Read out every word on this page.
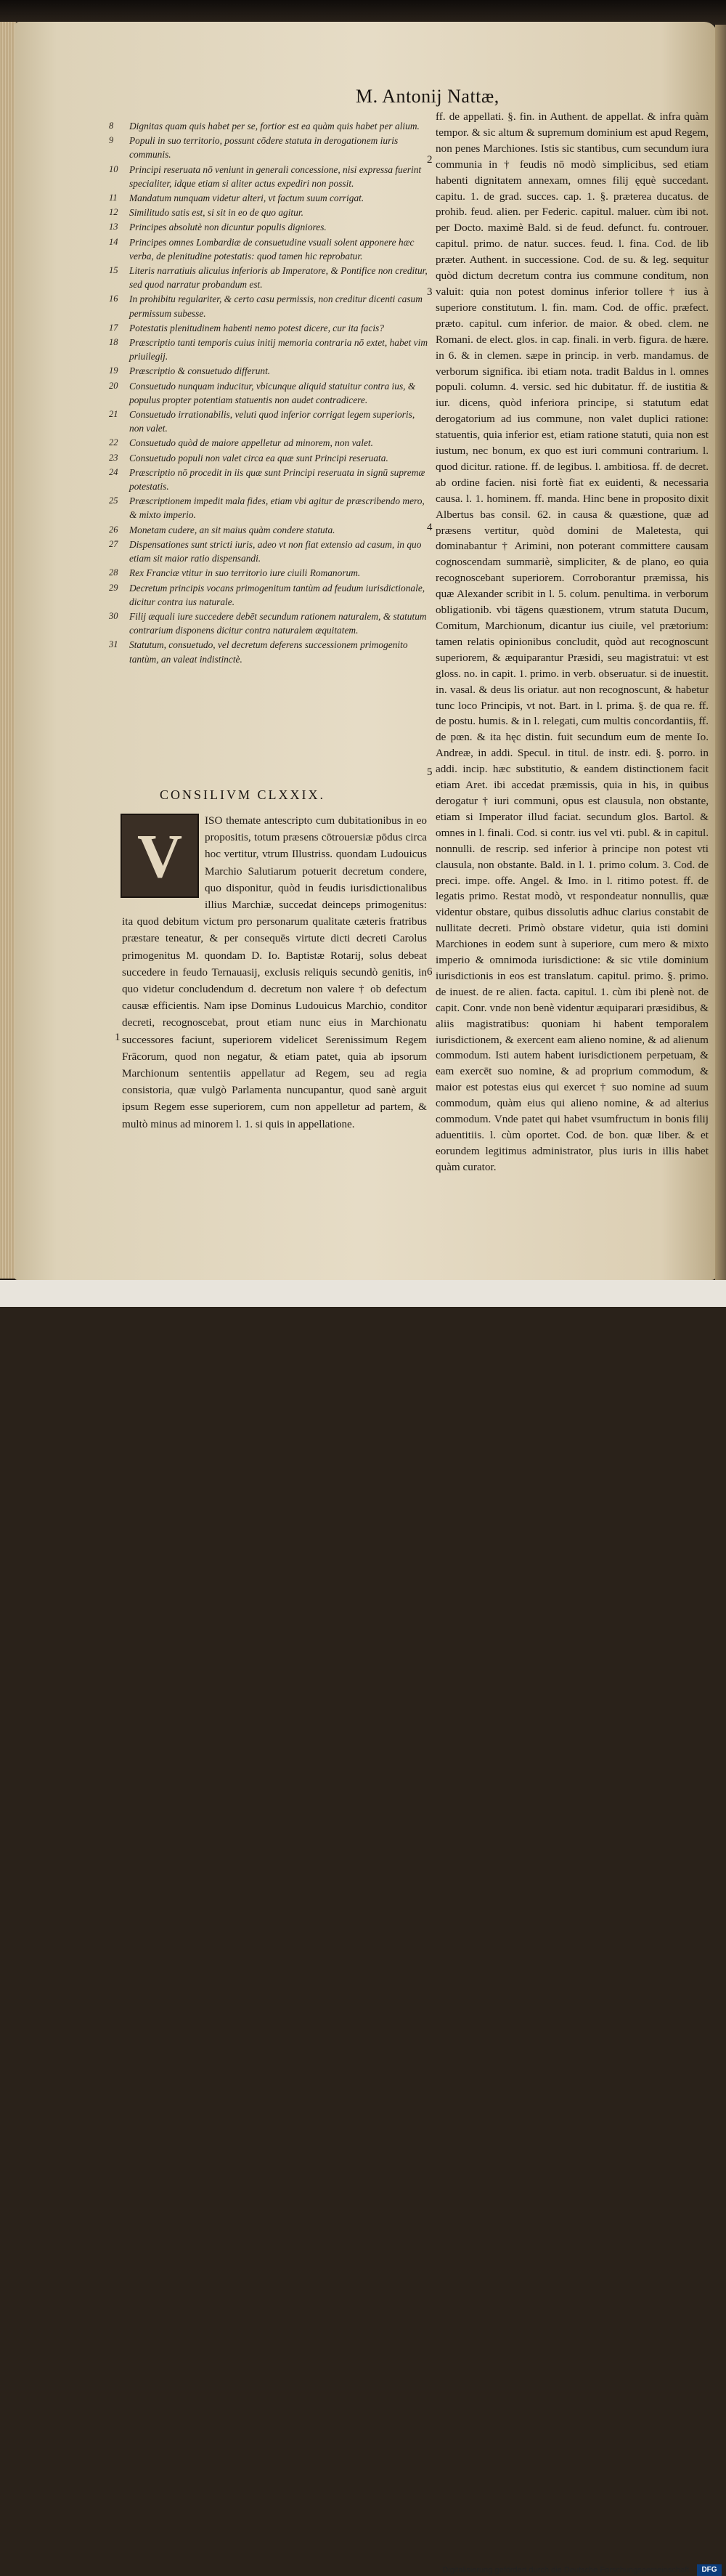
M. Antonij Nattæ,
8 Dignitas quam quis habet per se, fortior est ea quàm quis habet per alium.
9 Populi in suo territorio, possunt cōdere statuta in derogationem iuris communis.
10 Principi reseruata nō veniunt in generali concessione, nisi expressa fuerint specialiter, idque etiam si aliter actus expediri non possit.
11 Mandatum nunquam videtur alteri, vt factum suum corrigat.
12 Similitudo satis est, si sit in eo de quo agitur.
13 Principes absolutè non dicuntur populis digniores.
14 Principes omnes Lombardiæ de consuetudine vsuali solent apponere hæc verba, de plenitudine potestatis: quod tamen hic reprobatur.
15 Literis narratiuis alicuius inferioris ab Imperatore, & Pontifice non creditur, sed quod narratur probandum est.
16 In prohibitu regulariter, & certo casu permissis, non creditur dicenti casum permissum subesse.
17 Potestatis plenitudinem habenti nemo potest dicere, cur ita facis?
18 Præscriptio tanti temporis cuius initij memoria contraria nō extet, habet vim priuilegij.
19 Præscriptio & consuetudo differunt.
20 Consuetudo nunquam inducitur, vbicunque aliquid statuitur contra ius, & populus propter potentiam statuentis non audet contradicere.
21 Consuetudo irrationabilis, veluti quod inferior corrigat legem superioris, non valet.
22 Consuetudo quòd de maiore appelletur ad minorem, non valet.
23 Consuetudo populi non valet circa ea quæ sunt Principi reseruata.
24 Præscriptio nō procedit in iis quæ sunt Principi reseruata in signū supremæ potestatis.
25 Præscriptionem impedit mala fides, etiam vbi agitur de præscribendo mero, & mixto imperio.
26 Monetam cudere, an sit maius quàm condere statuta.
27 Dispensationes sunt stricti iuris, adeo vt non fiat extensio ad casum, in quo etiam sit maior ratio dispensandi.
28 Rex Franciæ vtitur in suo territorio iure ciuili Romanorum.
29 Decretum principis vocans primogenitum tantùm ad feudum iurisdictionale, dicitur contra ius naturale.
30 Filij æquali iure succedere debēt secundum rationem naturalem, & statutum contrarium disponens dicitur contra naturalem æquitatem.
31 Statutum, consuetudo, vel decretum deferens successionem primogenito tantùm, an valeat indistinctè.
CONSILIVM CLXXIX.
V
ISO themate antescripto cum dubitationibus in eo propositis, totum præsens cōtrouersiæ pōdus circa hoc vertitur, vtrum Illustriss. quondam Ludouicus Marchio Salutiarum potuerit decretum condere, quo disponitur, quòd in feudis iurisdictionalibus illius Marchiæ, succedat deinceps primogenitus: ita quod debitum victum pro personarum qualitate cæteris fratribus præstare teneatur, & per consequēs virtute dicti decreti Carolus primogenitus M. quondam D. Io. Baptistæ Rotarij, solus debeat succedere in feudo Ternauasij, exclusis reliquis secundò genitis, in quo videtur concludendum d. decretum non valere † ob defectum causæ efficientis. Nam ipse Dominus Ludouicus Marchio, conditor decreti, recognoscebat, prout etiam nunc eius in Marchionatu successores faciunt, superiorem videlicet Serenissimum Regem Frācorum, quod non negatur, & etiam patet, quia ab ipsorum Marchionum sententiis appellatur ad Regem, seu ad regia consistoria, quæ vulgò Parlamenta nuncupantur, quod sanè arguit ipsum Regem esse superiorem, cum non appelletur ad partem, & multò minus ad minorem l. 1. si quis in appellatione.
1
ff. de appellati. §. fin. in Authent. de appellat. & infra quàm tempor. & sic altum & supremum dominium est apud Regem, non penes Marchiones. Istis sic stantibus, cum secundum iura communia in † feudis nō modò simplicibus, sed etiam habenti dignitatem annexam, omnes filij ęquè succedant. capitu. 1. de grad. succes. cap. 1. §. præterea ducatus. de prohib. feud. alien. per Federic. capitul. maluer. cùm ibi not. per Docto. maximè Bald. si de feud. defunct. fu. controuer. capitul. primo. de natur. succes. feud. l. fina. Cod. de lib præter. Authent. in successione. Cod. de su. & leg. sequitur quòd dictum decretum contra ius commune conditum, non valuit: quia non potest dominus inferior tollere † ius à superiore constitutum. l. fin. mam. Cod. de offic. præfect. præto. capitul. cum inferior. de maior. & obed. clem. ne Romani. de elect. glos. in cap. finali. in verb. figura. de hære. in 6. & in clemen. sæpe in princip. in verb. mandamus. de verborum significa. ibi etiam nota. tradit Baldus in l. omnes populi. column. 4. versic. sed hic dubitatur. ff. de iustitia & iur. dicens, quòd inferiora principe, si statutum edat derogatorium ad ius commune, non valet duplici ratione: statuentis, quia inferior est, etiam ratione statuti, quia non est iustum, nec bonum, ex quo est iuri communi contrarium. l. quod dicitur. ratione. ff. de legibus. l. ambitiosa. ff. de decret. ab ordine facien. nisi fortè fiat ex euidenti, & necessaria causa. l. 1. hominem. ff. manda. Hinc bene in proposito dixit Albertus bas consil. 62. in causa & quæstione, quæ ad præsens vertitur, quòd domini de Maletesta, qui dominabantur † Arimini, non poterant committere causam cognoscendam summariè, simpliciter, & de plano, eo quia recognoscebant superiorem. Corroborantur præmissa, his quæ Alexander scribit in l. 5. colum. penultima. in verborum obligationib. vbi tāgens quæstionem, vtrum statuta Ducum, Comitum, Marchionum, dicantur ius ciuile, vel prætorium: tamen relatis opinionibus concludit, quòd aut recognoscunt superiorem, & æquiparantur Præsidi, seu magistratui: vt est gloss. no. in capit. 1. primo. in verb. obseruatur. si de inuestit. in. vasal. & deus lis oriatur. aut non recognoscunt, & habetur tunc loco Principis, vt not. Bart. in l. prima. §. de qua re. ff. de postu. humis. & in l. relegati, cum multis concordantiis, ff. de pœn. & ita hęc distin. fuit secundum eum de mente Io. Andreæ, in addi. Specul. in titul. de instr. edi. §. porro. in addi. incip. hæc substitutio, & eandem distinctionem facit etiam Aret. ibi accedat præmissis, quia in his, in quibus derogatur † iuri communi, opus est clausula, non obstante, etiam si Imperator illud faciat. secundum glos. Bartol. & omnes in l. finali. Cod. si contr. ius vel vti. publ. & in capitul. nonnulli. de rescrip. sed inferior à principe non potest vti clausula, non obstante. Bald. in l. 1. primo colum. 3. Cod. de preci. impe. offe. Angel. & Imo. in l. ritimo potest. ff. de legatis primo. Restat modò, vt respondeatur nonnullis, quæ videntur obstare, quibus dissolutis adhuc clarius constabit de nullitate decreti. Primò obstare videtur, quia isti domini Marchiones in eodem sunt à superiore, cum mero & mixto imperio & omnimoda iurisdictione: & sic vtile dominium iurisdictionis in eos est translatum. capitul. primo. §. primo. de inuest. de re alien. facta. capitul. 1. cùm ibi plenè not. de capit. Conr. vnde non benè videntur æquiparari præsidibus, & aliis magistratibus: quoniam hi habent temporalem iurisdictionem, & exercent eam alieno nomine, & ad alienum commodum. Isti autem habent iurisdictionem perpetuam, & eam exercēt suo nomine, & ad proprium commodum, & maior est potestas eius qui exercet † suo nomine ad suum commodum, quàm eius qui alieno nomine, & ad alterius commodum. Vnde patet qui habet vsumfructum in bonis filij aduentitiis. l. cùm oportet. Cod. de bon. quæ liber. & et eorundem legitimus administrator, plus iuris in illis habet quàm curator.
2
3
4
5
6
Digitalisierung gefördert durch die Deutsche Forschungsgemeinschaft ·	DFG
